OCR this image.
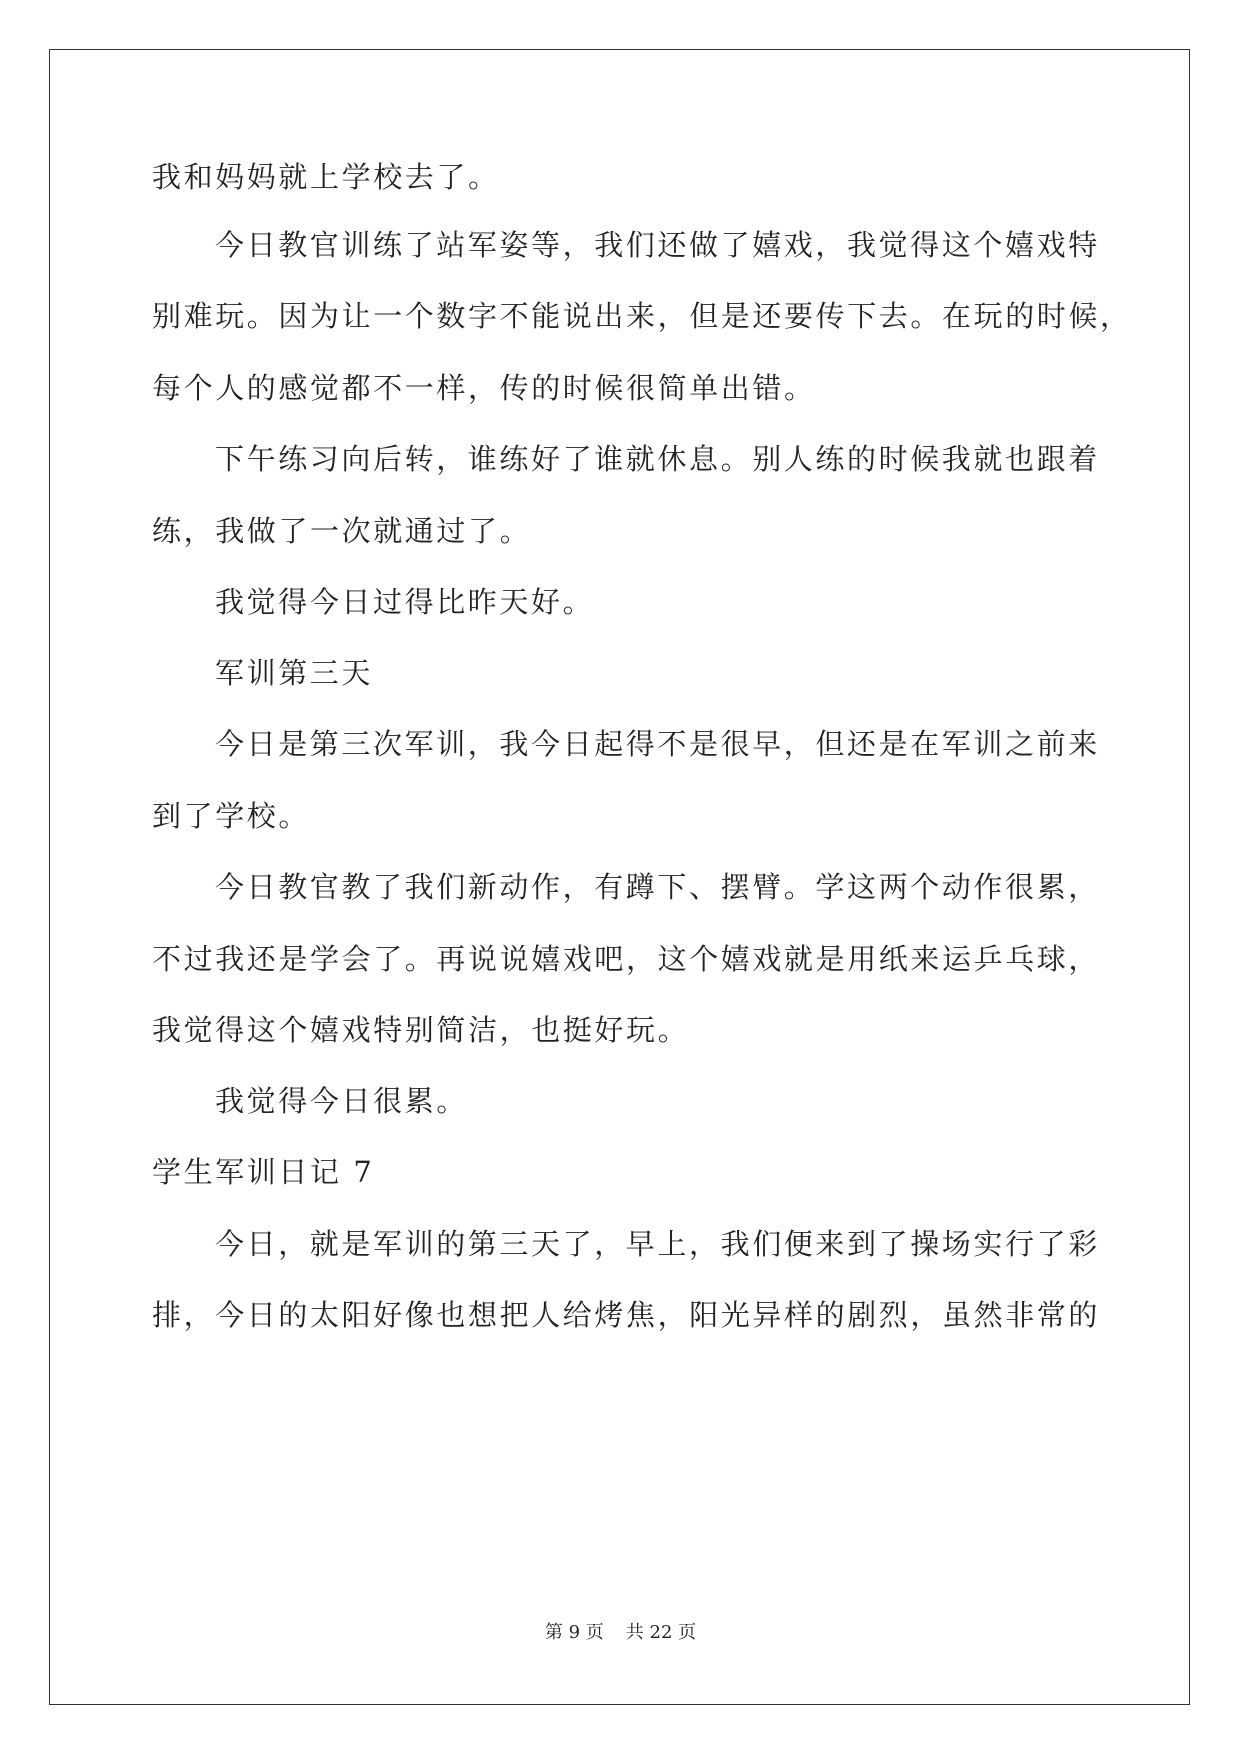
我和妈妈就上学校去了。
今日教官训练了站军姿等，我们还做了嬉戏，我觉得这个嬉戏特
别难玩。因为让一个数字不能说出来，但是还要传下去。在玩的时候，
每个人的感觉都不一样，传的时候很简单出错。
下午练习向后转，谁练好了谁就休息。别人练的时候我就也跟着
练，我做了一次就通过了。
我觉得今日过得比昨天好。
军训第三天
今日是第三次军训，我今日起得不是很早，但还是在军训之前来
到了学校。
今日教官教了我们新动作，有蹲下、摆臂。学这两个动作很累，
不过我还是学会了。再说说嬉戏吧，这个嬉戏就是用纸来运乒乓球，
我觉得这个嬉戏特别简洁，也挺好玩。
我觉得今日很累。
学生军训日记 7
今日，就是军训的第三天了，早上，我们便来到了操场实行了彩
排，今日的太阳好像也想把人给烤焦，阳光异样的剧烈，虽然非常的
第 9 页 共 22 页
